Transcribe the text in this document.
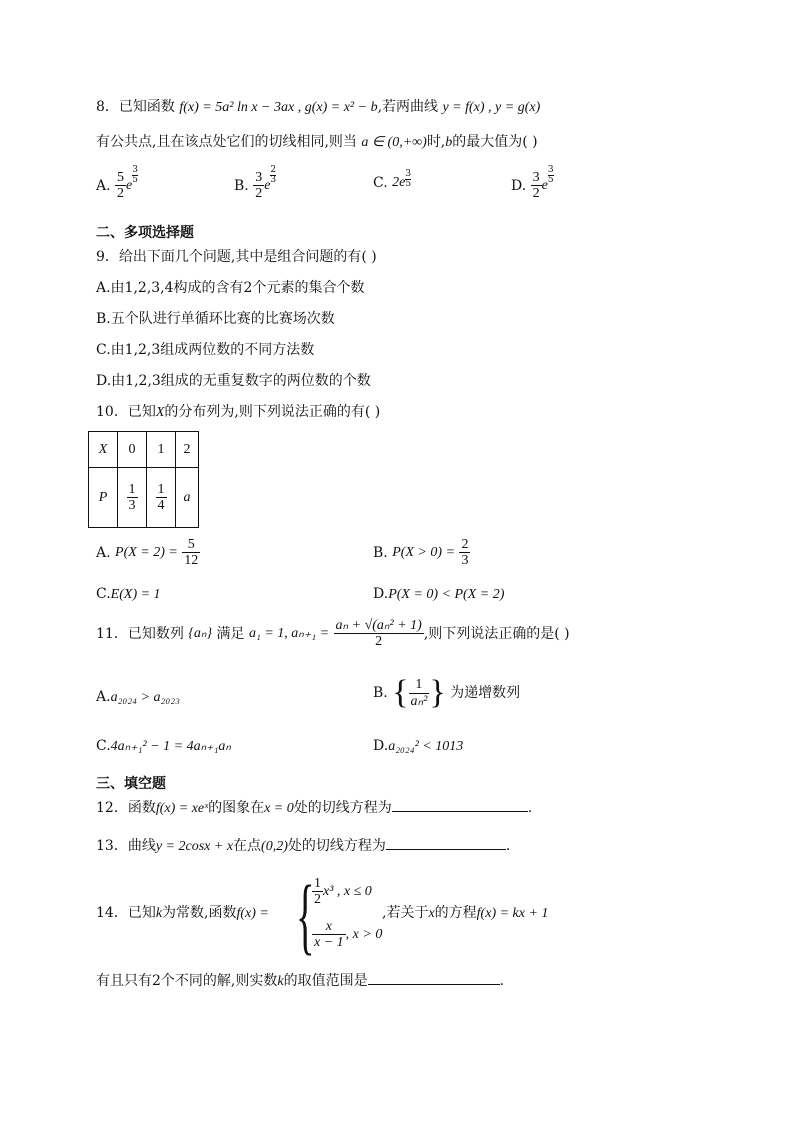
8．已知函数 f(x) = 5a² ln x − 3ax , g(x) = x² − b,若两曲线 y = f(x) , y = g(x)
有公共点,且在该点处它们的切线相同,则当 a ∈ (0,+∞)时,b的最大值为( )
A. $\frac{5}{2}$ e
$\frac{3}{5}$
B. $\frac{3}{2}$ e
$\frac{2}{3}$	C. $2e \frac{3}{5}$	D. $\frac{3}{2}$ e
$\frac{3}{5}$
二、多项选择题
9．给出下面几个问题,其中是组合问题的有( )
A.由1,2,3,4构成的含有2个元素的集合个数
B.五个队进行单循环比赛的比赛场次数
C.由1,2,3组成两位数的不同方法数
D.由1,2,3组成的无重复数字的两位数的个数
10．已知X的分布列为,则下列说法正确的有( )
X	0	1	2
P	$\frac{1}{3}$	$\frac{1}{4}$	a
A. $P(X = 2) = \frac{5}{12}$	B. $P(X > 0) = \frac{2}{3}$
C.E(X) = 1	D.P(X = 0) < P(X = 2)
11．已知数列 {aₙ} 满足 a₁ = 1, $a_{n+1} = \frac{\text{aₙ + √(aₙ² + 1)}}{2}$ ,则下列说法正确的是( )
A.a₂₀₂₄ > a₂₀₂₃	B. { $\frac{1}{\text{aₙ²}}$ } 为递增数列
C.4aₙ₊₁² − 1 = 4aₙ₊₁aₙ	D.a₂₀₂₄² < 1013
三、填空题
12．函数f(x) = xeˣ的图象在x = 0处的切线方程为	.
13．曲线y = 2cosx + x在点(0,2)处的切线方程为	.
14．已知k为常数,函数f(x) = {
$\frac{1}{2} x^3$ , x ≤ 0
$\frac{x}{x - 1}$ , x > 0
,若关于x的方程f(x) = kx + 1
有且只有2个不同的解,则实数k的取值范围是	.
